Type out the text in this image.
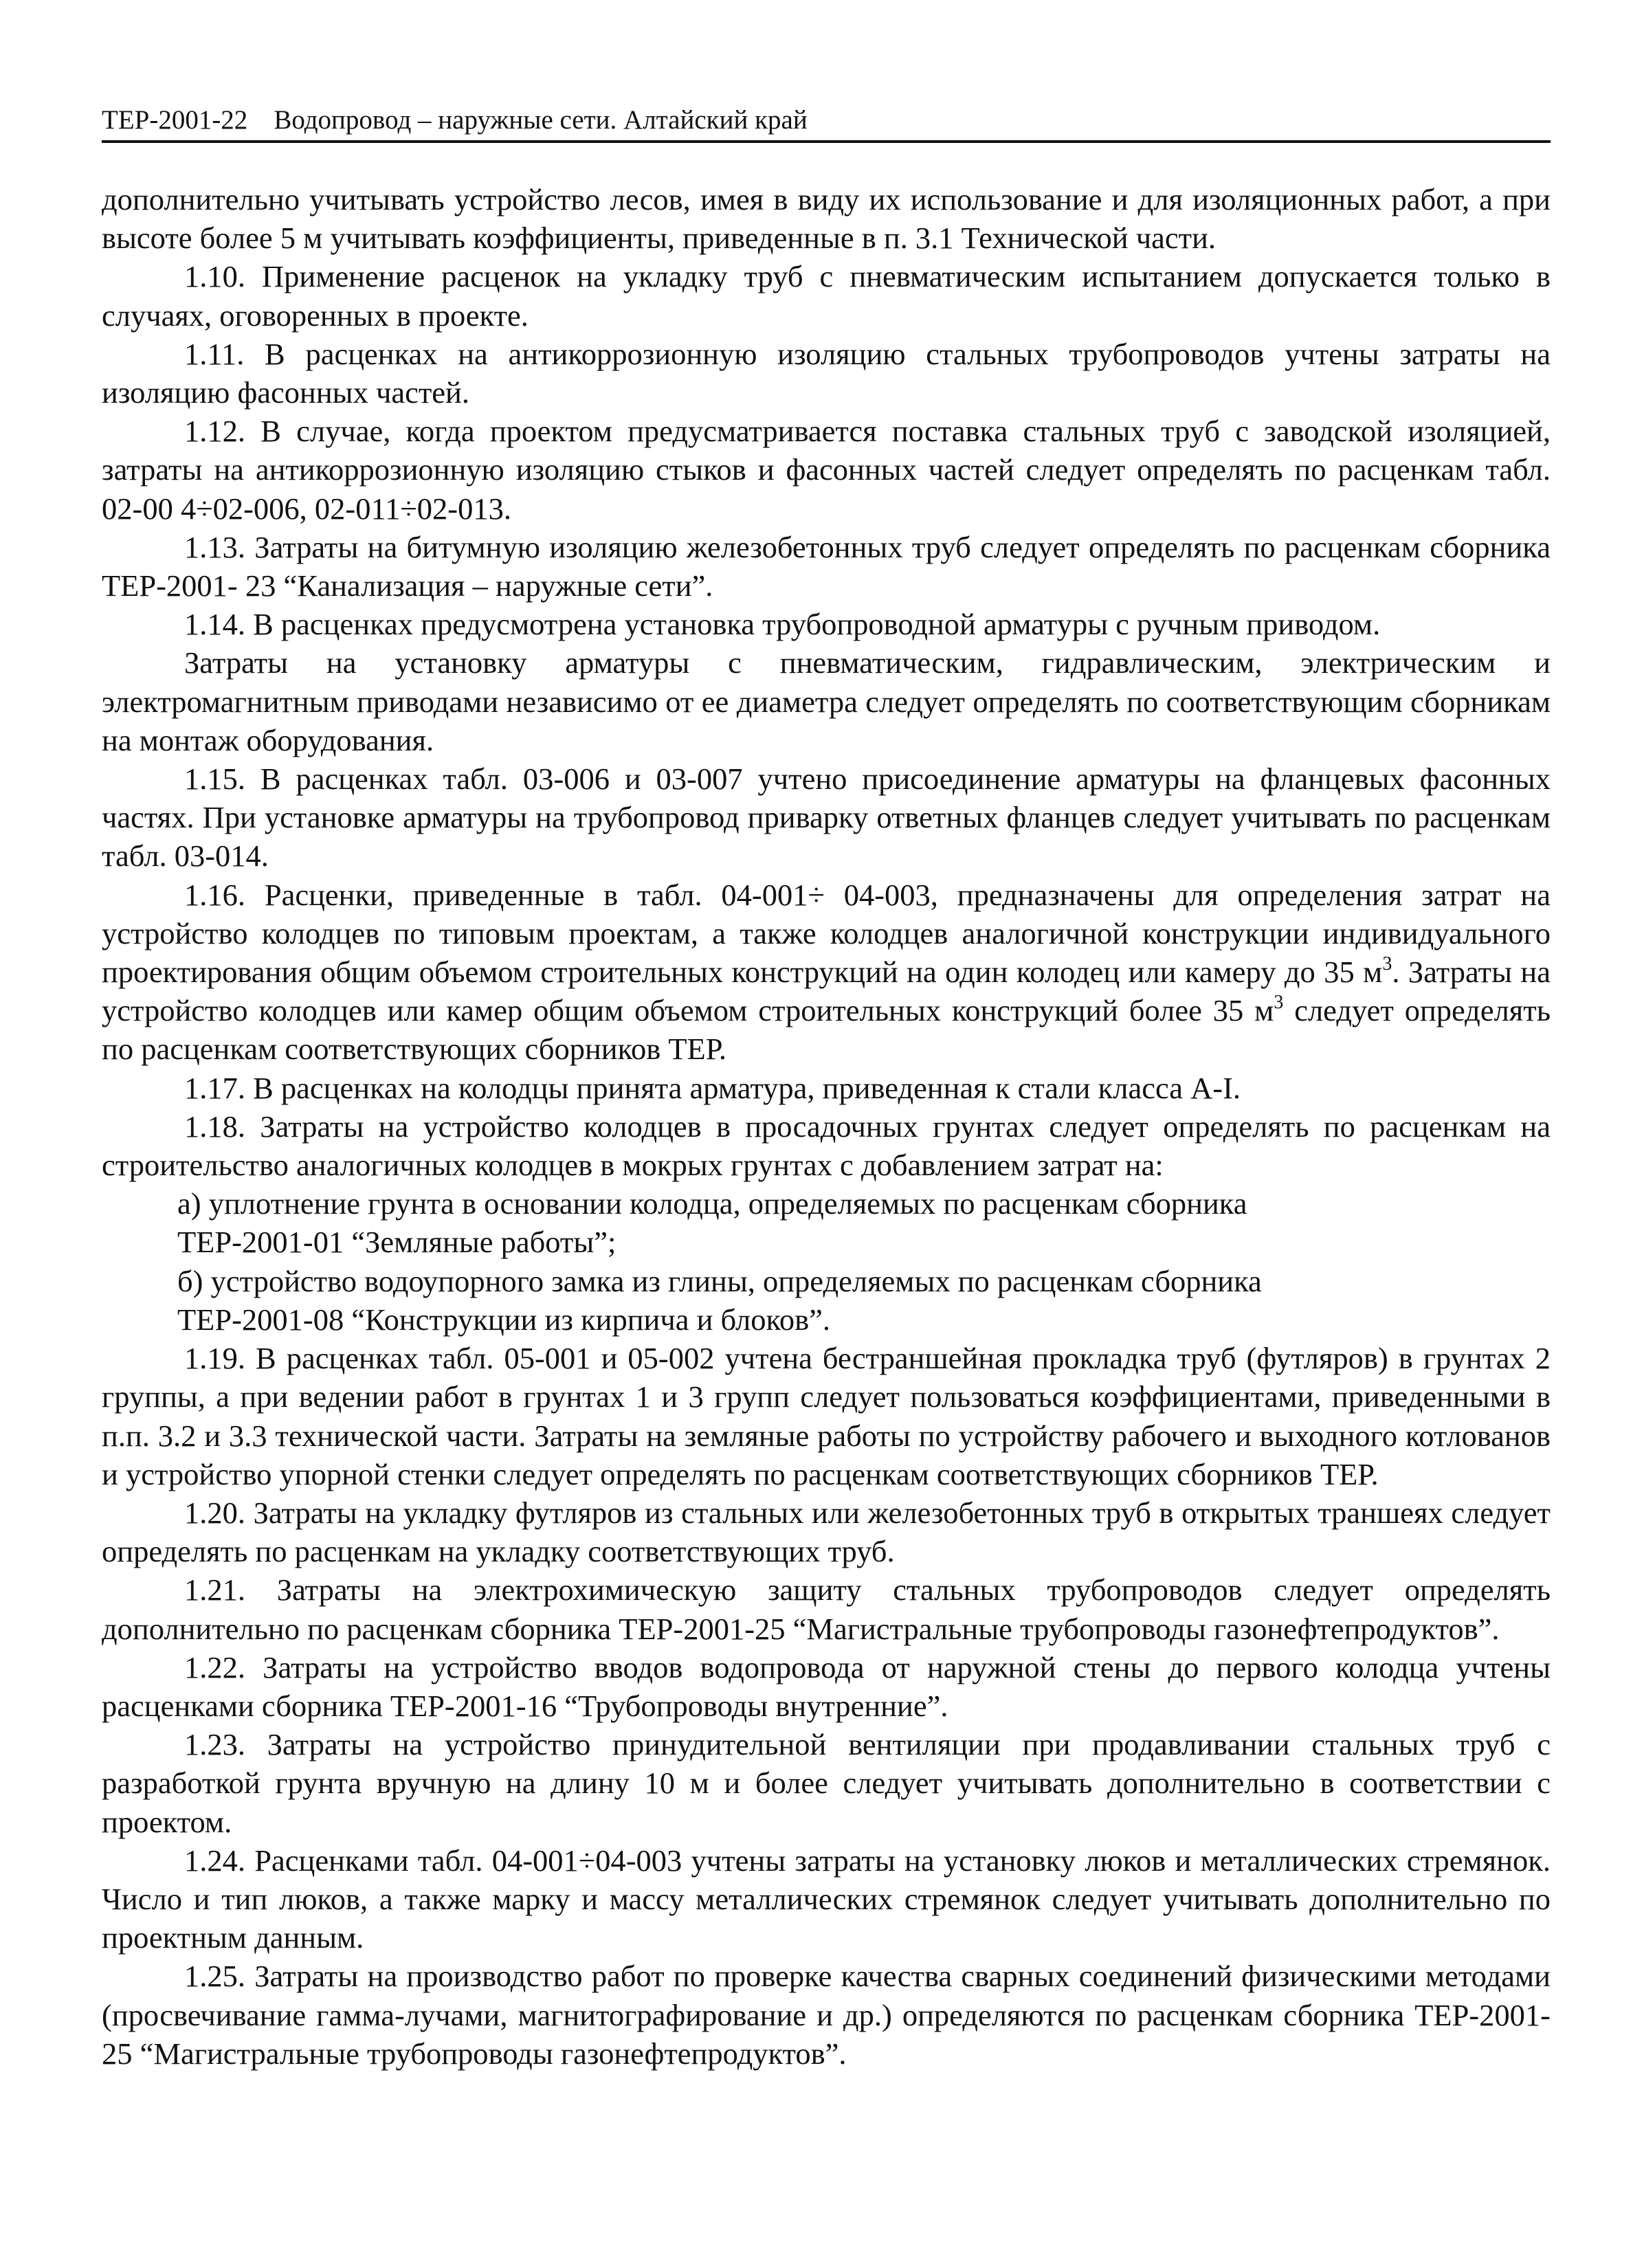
ТЕР-2001-22 Водопровод – наружные сети. Алтайский край

дополнительно учитывать устройство лесов, имея в виду их использование и для изоляционных работ, а при высоте более 5 м учитывать коэффициенты, приведенные в п. 3.1 Технической части.

1.10. Применение расценок на укладку труб с пневматическим испытанием допускается только в случаях, оговоренных в проекте.

1.11. В расценках на антикоррозионную изоляцию стальных трубопроводов учтены затраты на изоляцию фасонных частей.

1.12. В случае, когда проектом предусматривается поставка стальных труб с заводской изоляцией, затраты на антикоррозионную изоляцию стыков и фасонных частей следует определять по расценкам табл. 02-00 4÷02-006, 02-011÷02-013.

1.13. Затраты на битумную изоляцию железобетонных труб следует определять по расценкам сборника ТЕР-2001- 23 “Канализация – наружные сети”.

1.14. В расценках предусмотрена установка трубопроводной арматуры с ручным приводом.

Затраты на установку арматуры с пневматическим, гидравлическим, электрическим и электромагнитным приводами независимо от ее диаметра следует определять по соответствующим сборникам на монтаж оборудования.

1.15. В расценках табл. 03-006 и 03-007 учтено присоединение арматуры на фланцевых фасонных частях. При установке арматуры на трубопровод приварку ответных фланцев следует учитывать по расценкам табл. 03-014.

1.16. Расценки, приведенные в табл. 04-001÷ 04-003, предназначены для определения затрат на устройство колодцев по типовым проектам, а также колодцев аналогичной конструкции индивидуального проектирования общим объемом строительных конструкций на один колодец или камеру до 35 $м^3$. Затраты на устройство колодцев или камер общим объемом строительных конструкций более 35 $м^3$ следует определять по расценкам соответствующих сборников ТЕР.

1.17. В расценках на колодцы принята арматура, приведенная к стали класса А-I.

1.18. Затраты на устройство колодцев в просадочных грунтах следует определять по расценкам на строительство аналогичных колодцев в мокрых грунтах с добавлением затрат на:

а) уплотнение грунта в основании колодца, определяемых по расценкам сборника

ТЕР-2001-01 “Земляные работы”;

б) устройство водоупорного замка из глины, определяемых по расценкам сборника

ТЕР-2001-08 “Конструкции из кирпича и блоков”.

1.19. В расценках табл. 05-001 и 05-002 учтена бестраншейная прокладка труб (футляров) в грунтах 2 группы, а при ведении работ в грунтах 1 и 3 групп следует пользоваться коэффициентами, приведенными в п.п. 3.2 и 3.3 технической части. Затраты на земляные работы по устройству рабочего и выходного котлованов и устройство упорной стенки следует определять по расценкам соответствующих сборников ТЕР.

1.20. Затраты на укладку футляров из стальных или железобетонных труб в открытых траншеях следует определять по расценкам на укладку соответствующих труб.

1.21. Затраты на электрохимическую защиту стальных трубопроводов следует определять дополнительно по расценкам сборника ТЕР-2001-25 “Магистральные трубопроводы газонефтепродуктов”.

1.22. Затраты на устройство вводов водопровода от наружной стены до первого колодца учтены расценками сборника ТЕР-2001-16 “Трубопроводы внутренние”.

1.23. Затраты на устройство принудительной вентиляции при продавливании стальных труб с разработкой грунта вручную на длину 10 м и более следует учитывать дополнительно в соответствии с проектом.

1.24. Расценками табл. 04-001÷04-003 учтены затраты на установку люков и металлических стремянок. Число и тип люков, а также марку и массу металлических стремянок следует учитывать дополнительно по проектным данным.

1.25. Затраты на производство работ по проверке качества сварных соединений физическими методами (просвечивание гамма-лучами, магнитографирование и др.) определяются по расценкам сборника ТЕР-2001-25 “Магистральные трубопроводы газонефтепродуктов”.
